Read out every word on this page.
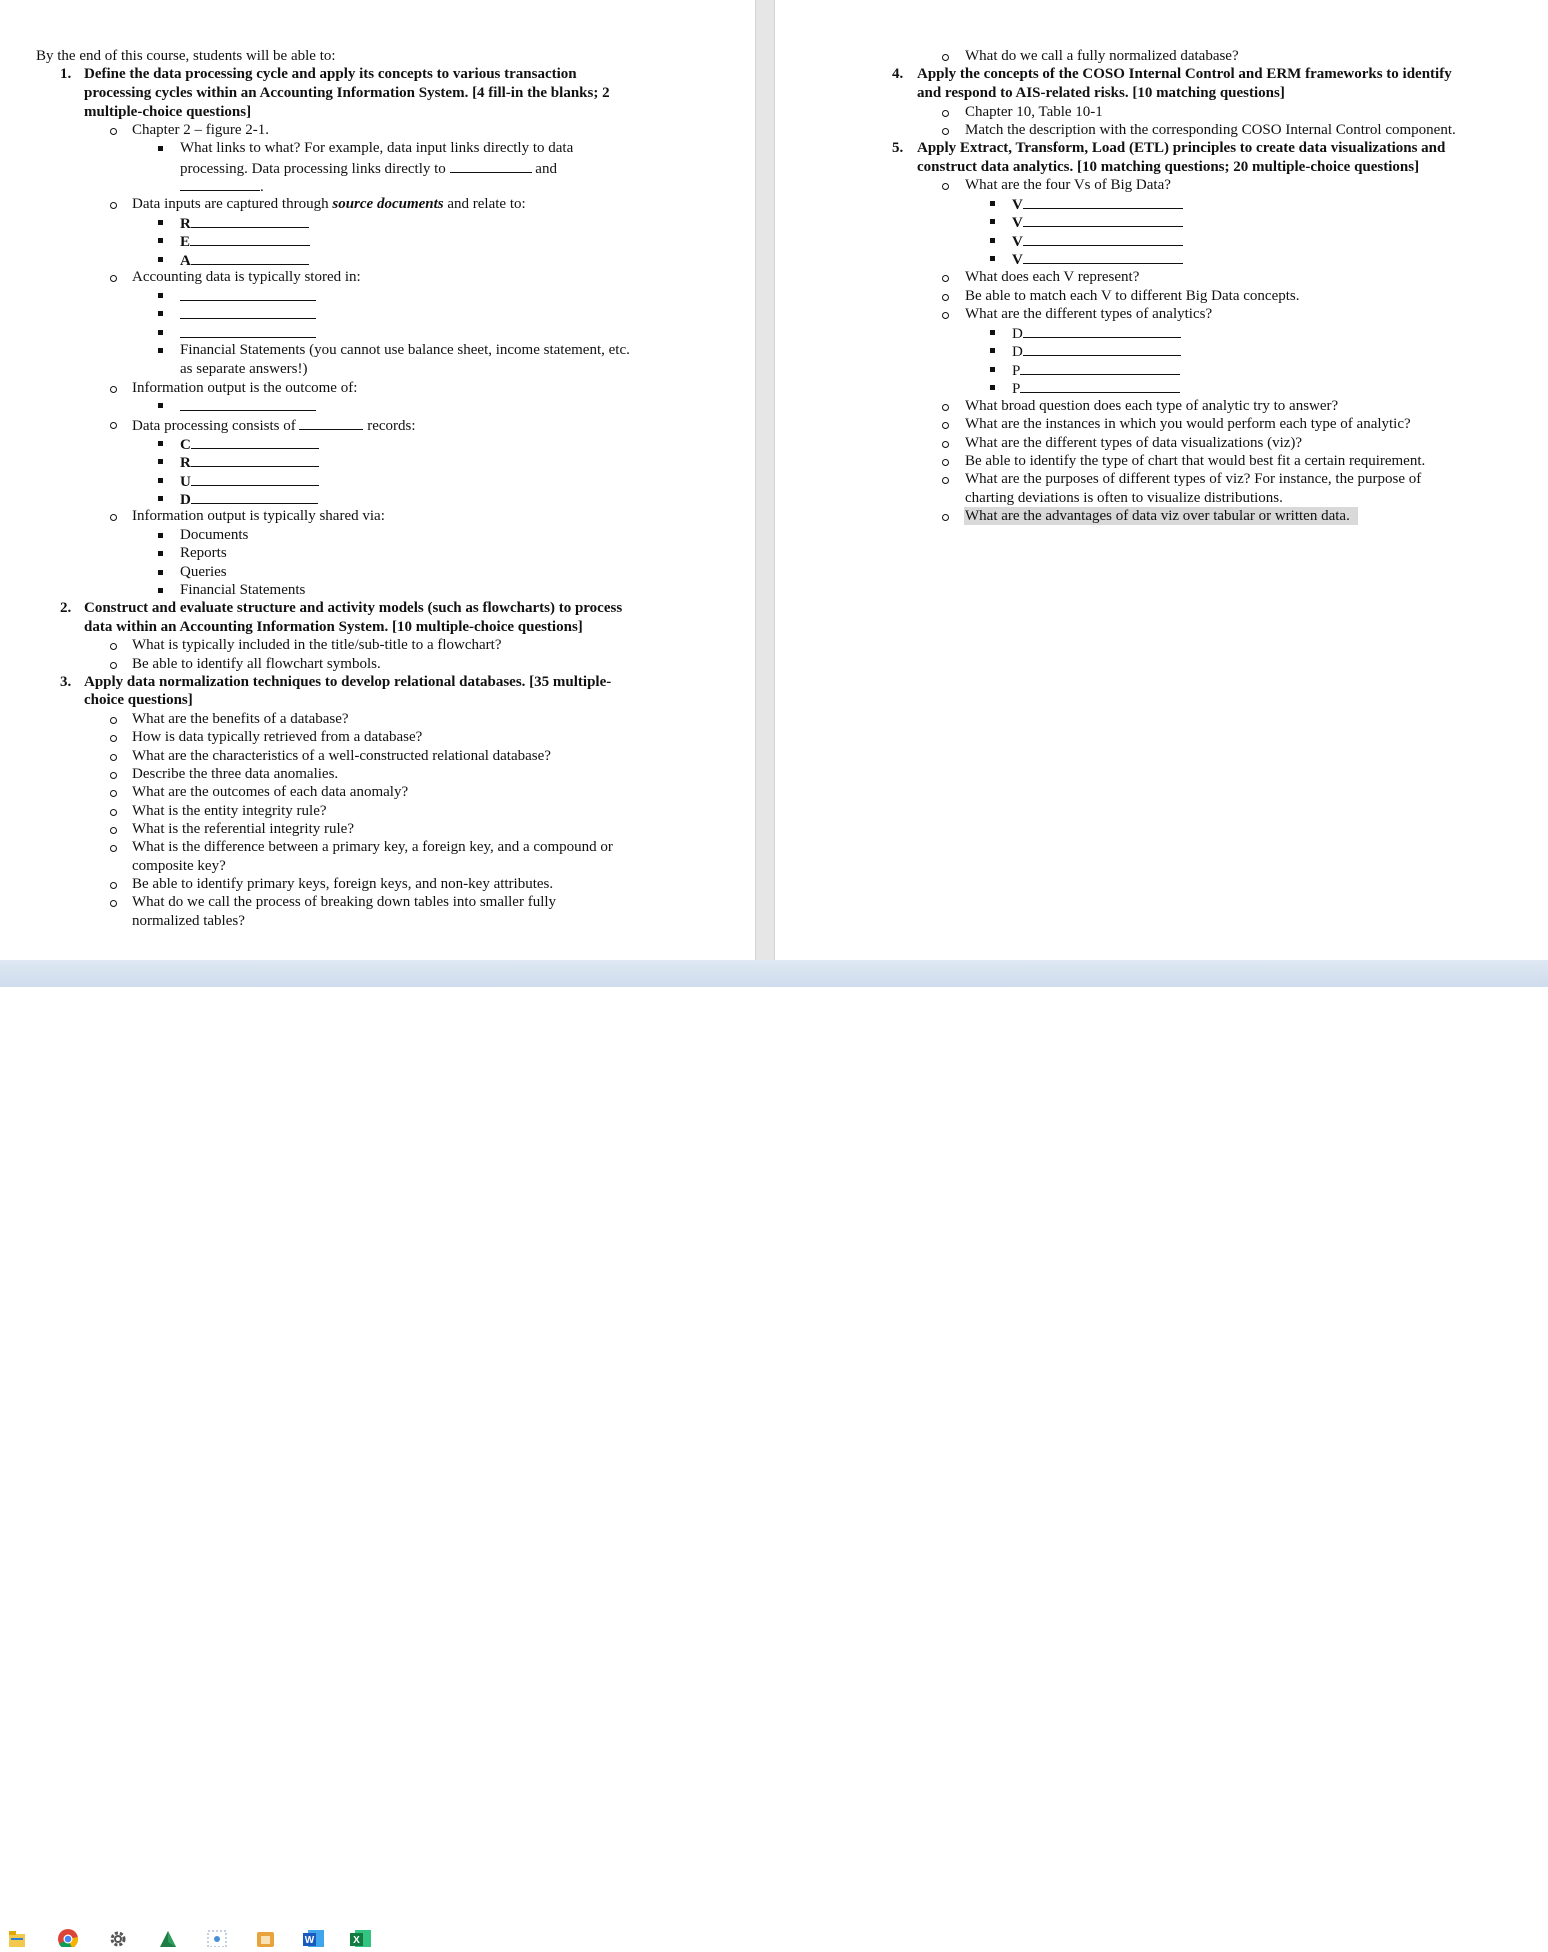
By the end of this course, students will be able to:
1. Define the data processing cycle and apply its concepts to various transaction
processing cycles within an Accounting Information System. [4 fill-in the blanks; 2
multiple-choice questions]
Chapter 2 – figure 2-1.
What links to what? For example, data input links directly to data
processing. Data processing links directly to	and
.
Data inputs are captured through source documents and relate to:
R
E
A
Accounting data is typically stored in:
Financial Statements (you cannot use balance sheet, income statement, etc.
as separate answers!)
Information output is the outcome of:
Data processing consists of	records:
C
R
U
D
Information output is typically shared via:
Documents
Reports
Queries
Financial Statements
2. Construct and evaluate structure and activity models (such as flowcharts) to process
data within an Accounting Information System. [10 multiple-choice questions]
What is typically included in the title/sub-title to a flowchart?
Be able to identify all flowchart symbols.
3. Apply data normalization techniques to develop relational databases. [35 multiple-
choice questions]
What are the benefits of a database?
How is data typically retrieved from a database?
What are the characteristics of a well-constructed relational database?
Describe the three data anomalies.
What are the outcomes of each data anomaly?
What is the entity integrity rule?
What is the referential integrity rule?
What is the difference between a primary key, a foreign key, and a compound or
composite key?
Be able to identify primary keys, foreign keys, and non-key attributes.
What do we call the process of breaking down tables into smaller fully
normalized tables?
What do we call a fully normalized database?
4. Apply the concepts of the COSO Internal Control and ERM frameworks to identify
and respond to AIS-related risks. [10 matching questions]
Chapter 10, Table 10-1
Match the description with the corresponding COSO Internal Control component.
5. Apply Extract, Transform, Load (ETL) principles to create data visualizations and
construct data analytics. [10 matching questions; 20 multiple-choice questions]
What are the four Vs of Big Data?
V
V
V
V
What does each V represent?
Be able to match each V to different Big Data concepts.
What are the different types of analytics?
D
D
P
P
What broad question does each type of analytic try to answer?
What are the instances in which you would perform each type of analytic?
What are the different types of data visualizations (viz)?
Be able to identify the type of chart that would best fit a certain requirement.
What are the purposes of different types of viz? For instance, the purpose of
charting deviations is often to visualize distributions.
What are the advantages of data viz over tabular or written data.
W	X
